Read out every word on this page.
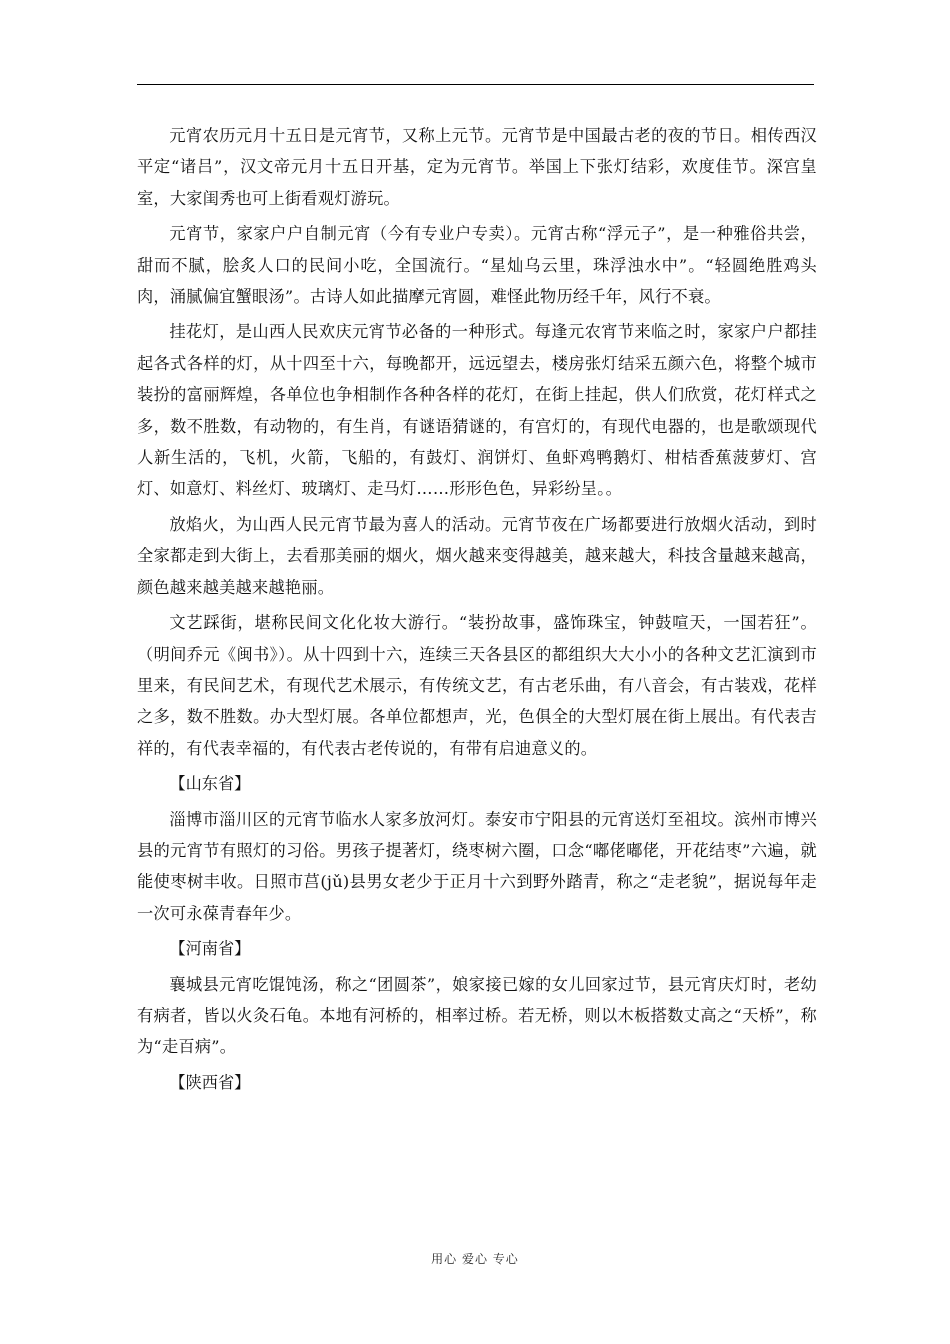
元宵农历元月十五日是元宵节，又称上元节。元宵节是中国最古老的夜的节日。相传西汉平定“诸吕”，汉文帝元月十五日开基，定为元宵节。举国上下张灯结彩，欢度佳节。深宫皇室，大家闺秀也可上街看观灯游玩。

元宵节，家家户户自制元宵（今有专业户专卖）。元宵古称“浮元子”，是一种雅俗共尝，甜而不腻，脍炙人口的民间小吃，全国流行。“星灿乌云里，珠浮浊水中”。“轻圆绝胜鸡头肉，涌腻偏宜蟹眼汤”。古诗人如此描摩元宵圆，难怪此物历经千年，风行不衰。

挂花灯，是山西人民欢庆元宵节必备的一种形式。每逢元农宵节来临之时，家家户户都挂起各式各样的灯，从十四至十六，每晚都开，远远望去，楼房张灯结采五颜六色，将整个城市装扮的富丽辉煌，各单位也争相制作各种各样的花灯，在街上挂起，供人们欣赏，花灯样式之多，数不胜数，有动物的，有生肖，有谜语猜谜的，有宫灯的，有现代电器的，也是歌颂现代人新生活的，飞机，火箭，飞船的，有鼓灯、润饼灯、鱼虾鸡鸭鹅灯、柑桔香蕉菠萝灯、宫灯、如意灯、料丝灯、玻璃灯、走马灯……形形色色，异彩纷呈。。

放焰火，为山西人民元宵节最为喜人的活动。元宵节夜在广场都要进行放烟火活动，到时全家都走到大街上，去看那美丽的烟火，烟火越来变得越美，越来越大，科技含量越来越高，颜色越来越美越来越艳丽。

文艺踩街，堪称民间文化化妆大游行。“装扮故事，盛饰珠宝，钟鼓喧天，一国若狂”。（明间乔元《闽书》）。从十四到十六，连续三天各县区的都组织大大小小的各种文艺汇演到市里来，有民间艺术，有现代艺术展示，有传统文艺，有古老乐曲，有八音会，有古装戏，花样之多，数不胜数。办大型灯展。各单位都想声，光，色俱全的大型灯展在街上展出。有代表吉祥的，有代表幸福的，有代表古老传说的，有带有启迪意义的。

【山东省】

淄博市淄川区的元宵节临水人家多放河灯。泰安市宁阳县的元宵送灯至祖坟。滨州市博兴县的元宵节有照灯的习俗。男孩子提著灯，绕枣树六圈，口念“嘟佬嘟佬，开花结枣”六遍，就能使枣树丰收。日照市莒(jǔ)县男女老少于正月十六到野外踏青，称之“走老貌”，据说每年走一次可永葆青春年少。

【河南省】

襄城县元宵吃馄饨汤，称之“团圆茶”，娘家接已嫁的女儿回家过节，县元宵庆灯时，老幼有病者，皆以火灸石龟。本地有河桥的，相率过桥。若无桥，则以木板搭数丈高之“天桥”，称为“走百病”。

【陕西省】

用心 爱心 专心
